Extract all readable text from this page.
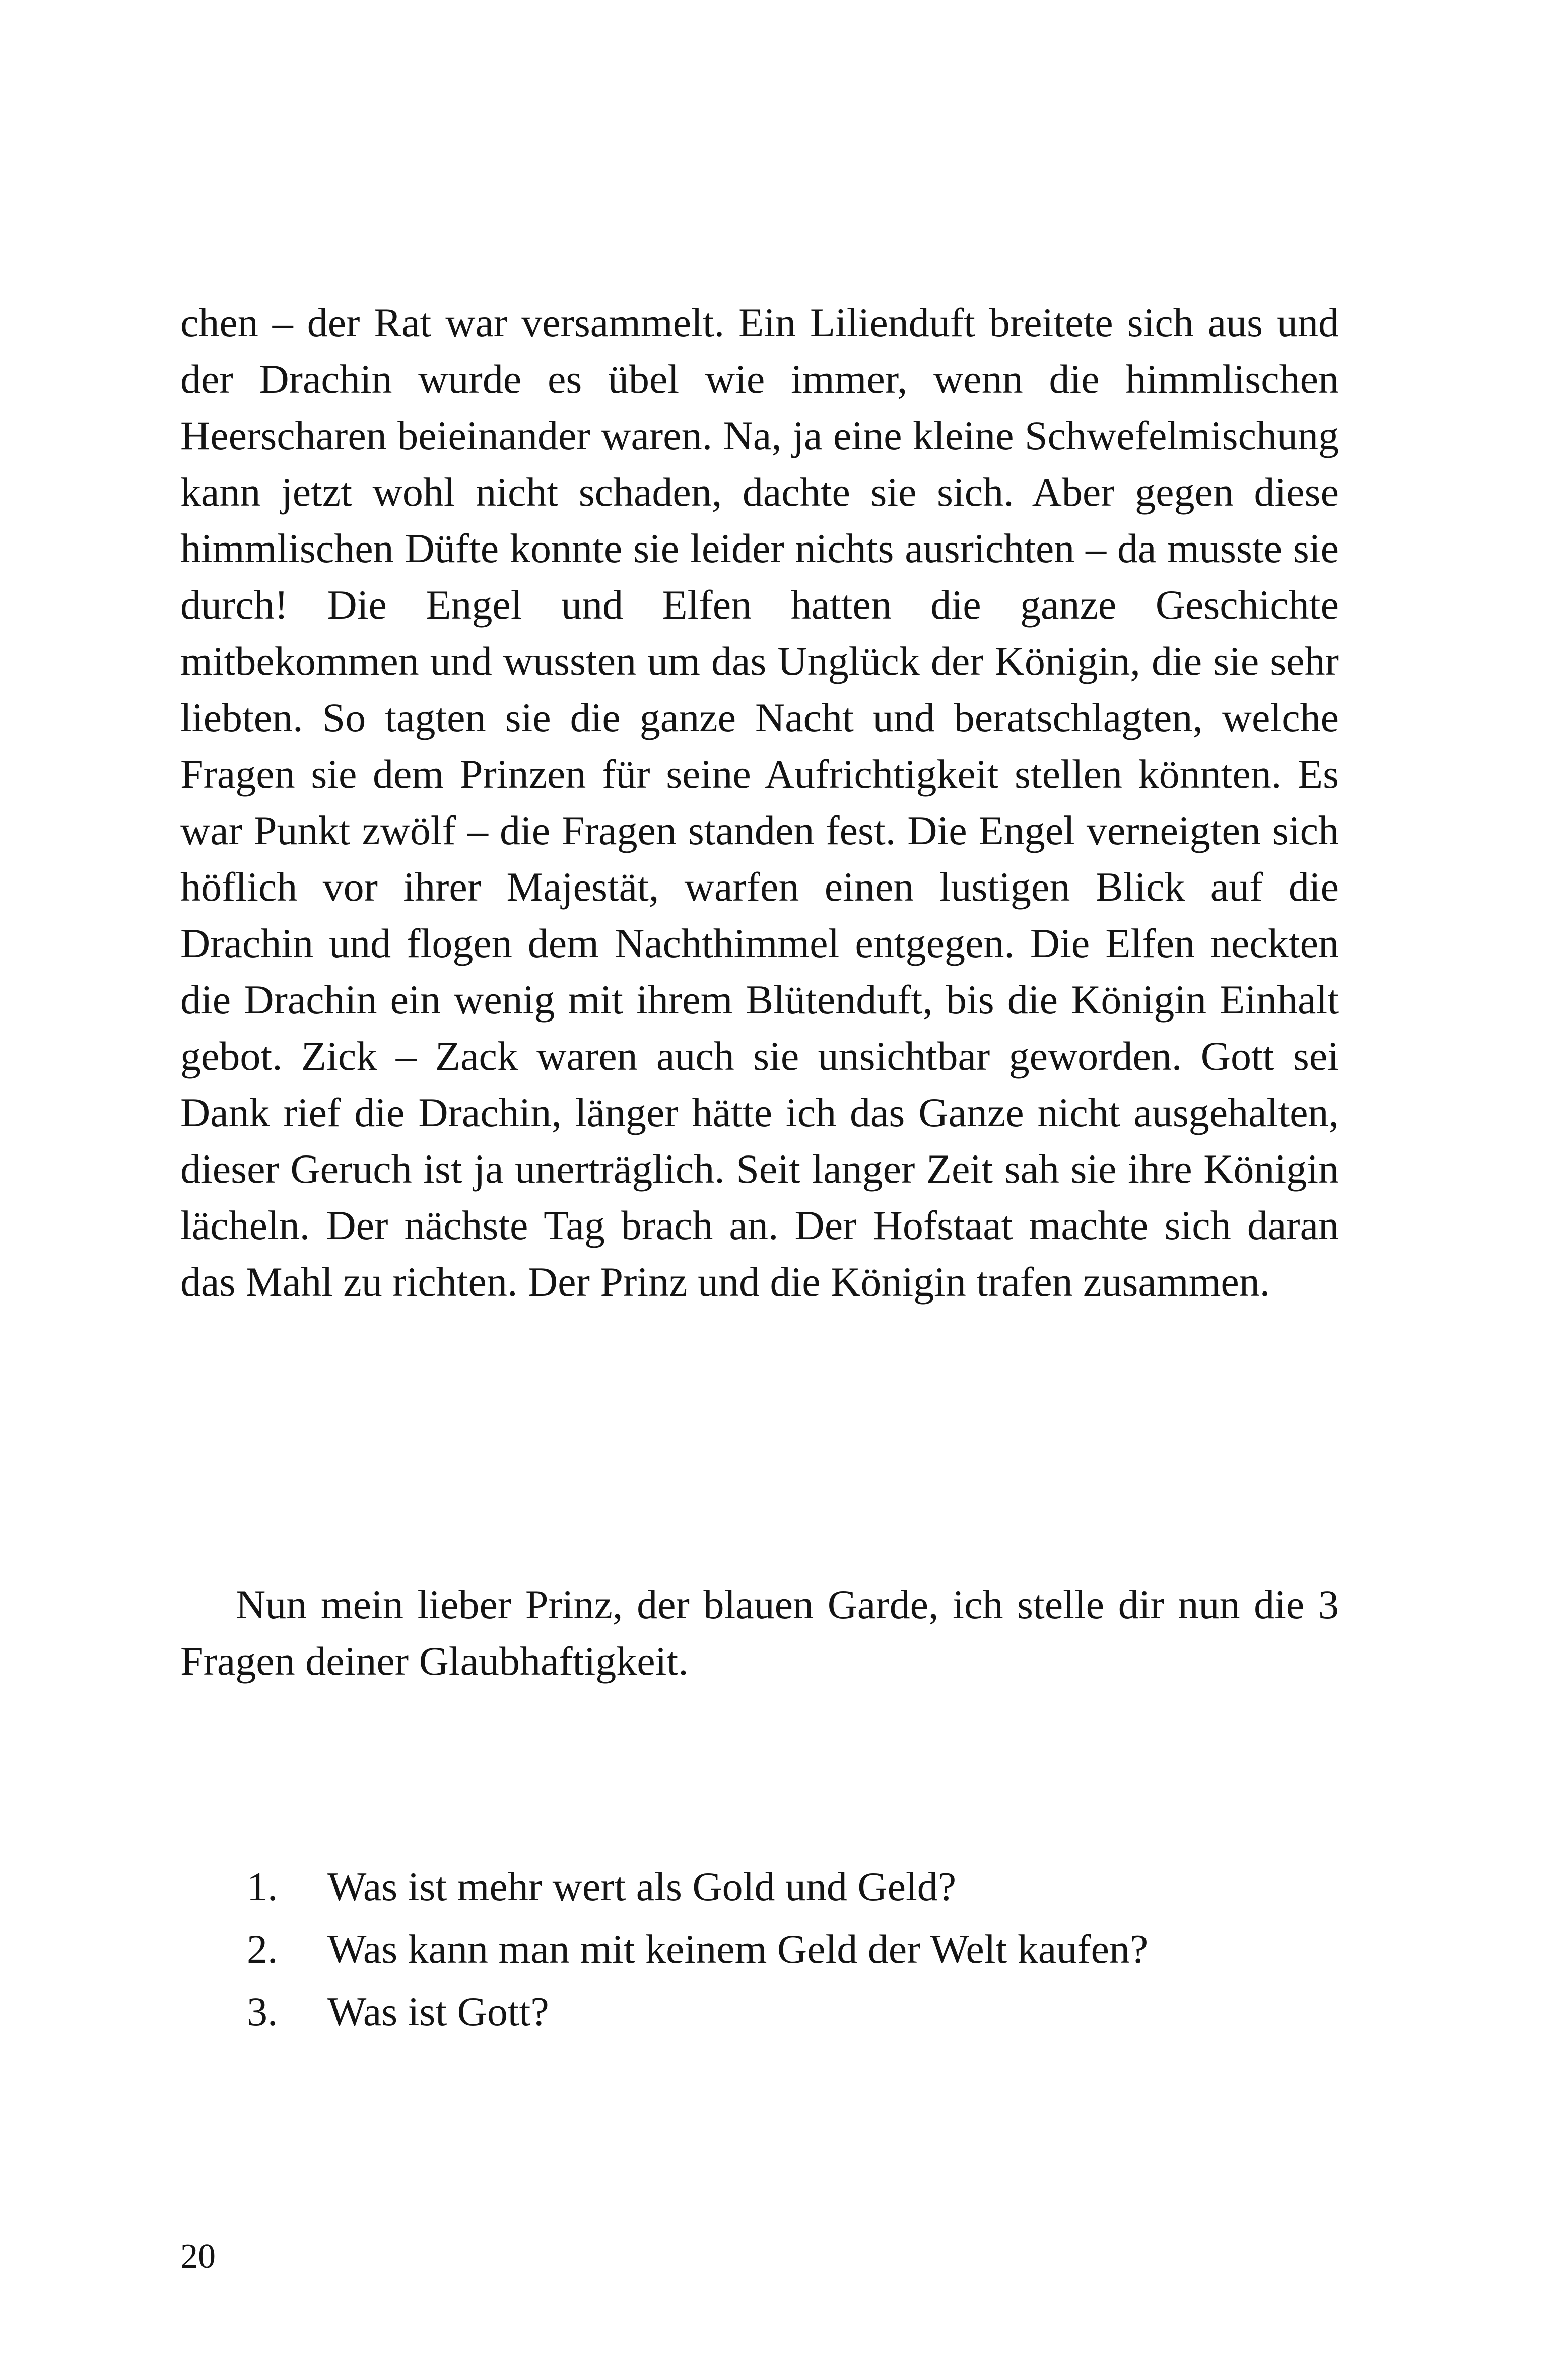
chen – der Rat war versammelt. Ein Lilienduft breitete sich aus und der Drachin wurde es übel wie immer, wenn die himmlischen Heerscharen beieinander waren. Na, ja eine kleine Schwefelmischung kann jetzt wohl nicht schaden, dachte sie sich. Aber gegen diese himmlischen Düfte konnte sie leider nichts ausrichten – da musste sie durch! Die Engel und Elfen hatten die ganze Geschichte mitbekommen und wussten um das Unglück der Königin, die sie sehr liebten. So tagten sie die ganze Nacht und beratschlagten, welche Fragen sie dem Prinzen für seine Aufrichtigkeit stellen könnten. Es war Punkt zwölf – die Fragen standen fest. Die Engel verneigten sich höflich vor ihrer Majestät, warfen einen lustigen Blick auf die Drachin und flogen dem Nachthimmel entgegen. Die Elfen neckten die Drachin ein wenig mit ihrem Blütenduft, bis die Königin Einhalt gebot. Zick – Zack waren auch sie unsichtbar geworden. Gott sei Dank rief die Drachin, länger hätte ich das Ganze nicht ausgehalten, dieser Geruch ist ja unerträglich. Seit langer Zeit sah sie ihre Königin lächeln. Der nächste Tag brach an. Der Hofstaat machte sich daran das Mahl zu richten. Der Prinz und die Königin trafen zusammen.

Nun mein lieber Prinz, der blauen Garde, ich stelle dir nun die 3 Fragen deiner Glaubhaftigkeit.

1.	Was ist mehr wert als Gold und Geld?
2.	Was kann man mit keinem Geld der Welt kaufen?
3.	Was ist Gott?
20
